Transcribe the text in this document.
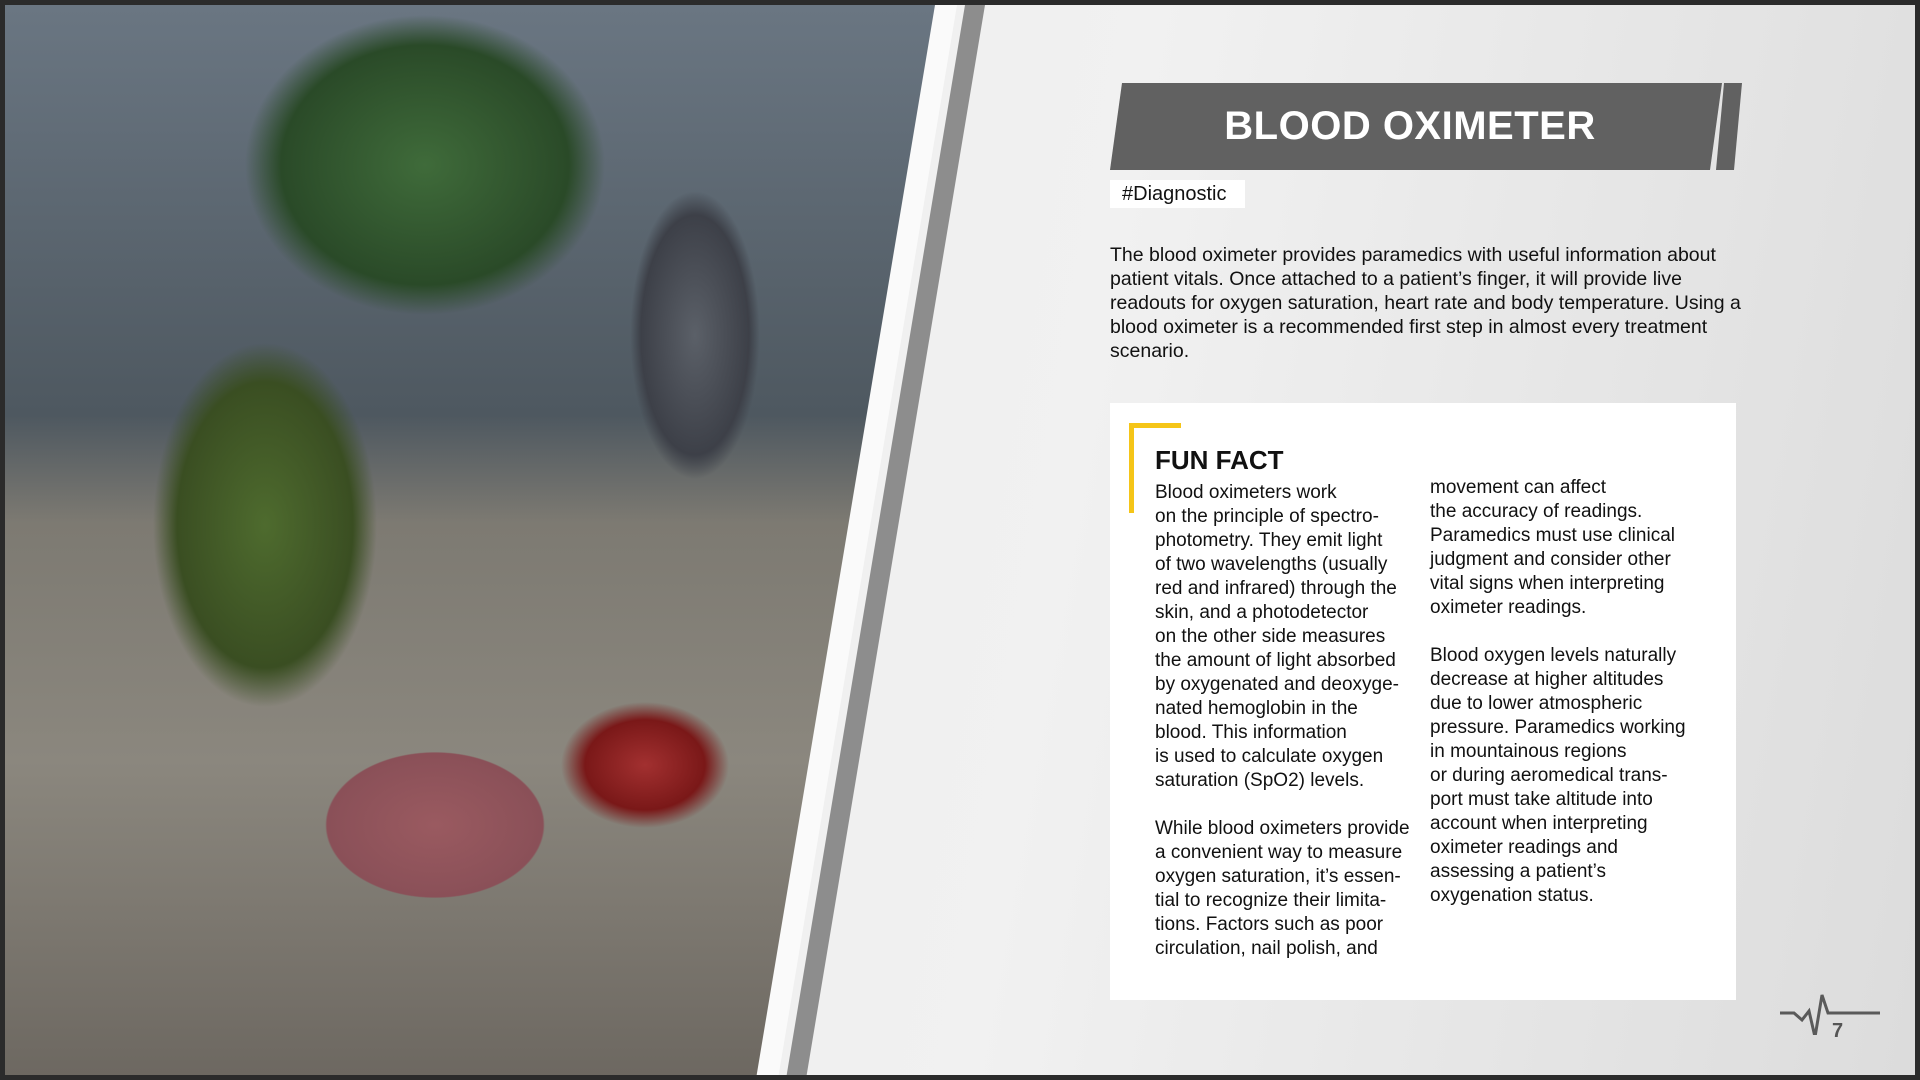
BLOOD OXIMETER
#Diagnostic
The blood oximeter provides paramedics with useful information about patient vitals. Once attached to a patient’s finger, it will provide live readouts for oxygen saturation, heart rate and body temperature. Using a blood oximeter is a recommended first step in almost every treatment scenario.
FUN FACT
Blood oximeters work
on the principle of spectro-
photometry. They emit light
of two wavelengths (usually
red and infrared) through the
skin, and a photodetector
on the other side measures
the amount of light absorbed
by oxygenated and deoxyge-
nated hemoglobin in the
blood. This information
is used to calculate oxygen
saturation (SpO2) levels.
While blood oximeters provide
a convenient way to measure
oxygen saturation, it’s essen-
tial to recognize their limita-
tions. Factors such as poor
circulation, nail polish, and
movement can affect
the accuracy of readings.
Paramedics must use clinical
judgment and consider other
vital signs when interpreting
oximeter readings.
Blood oxygen levels naturally
decrease at higher altitudes
due to lower atmospheric
pressure. Paramedics working
in mountainous regions
or during aeromedical trans-
port must take altitude into
account when interpreting
oximeter readings and
assessing a patient’s
oxygenation status.
7
